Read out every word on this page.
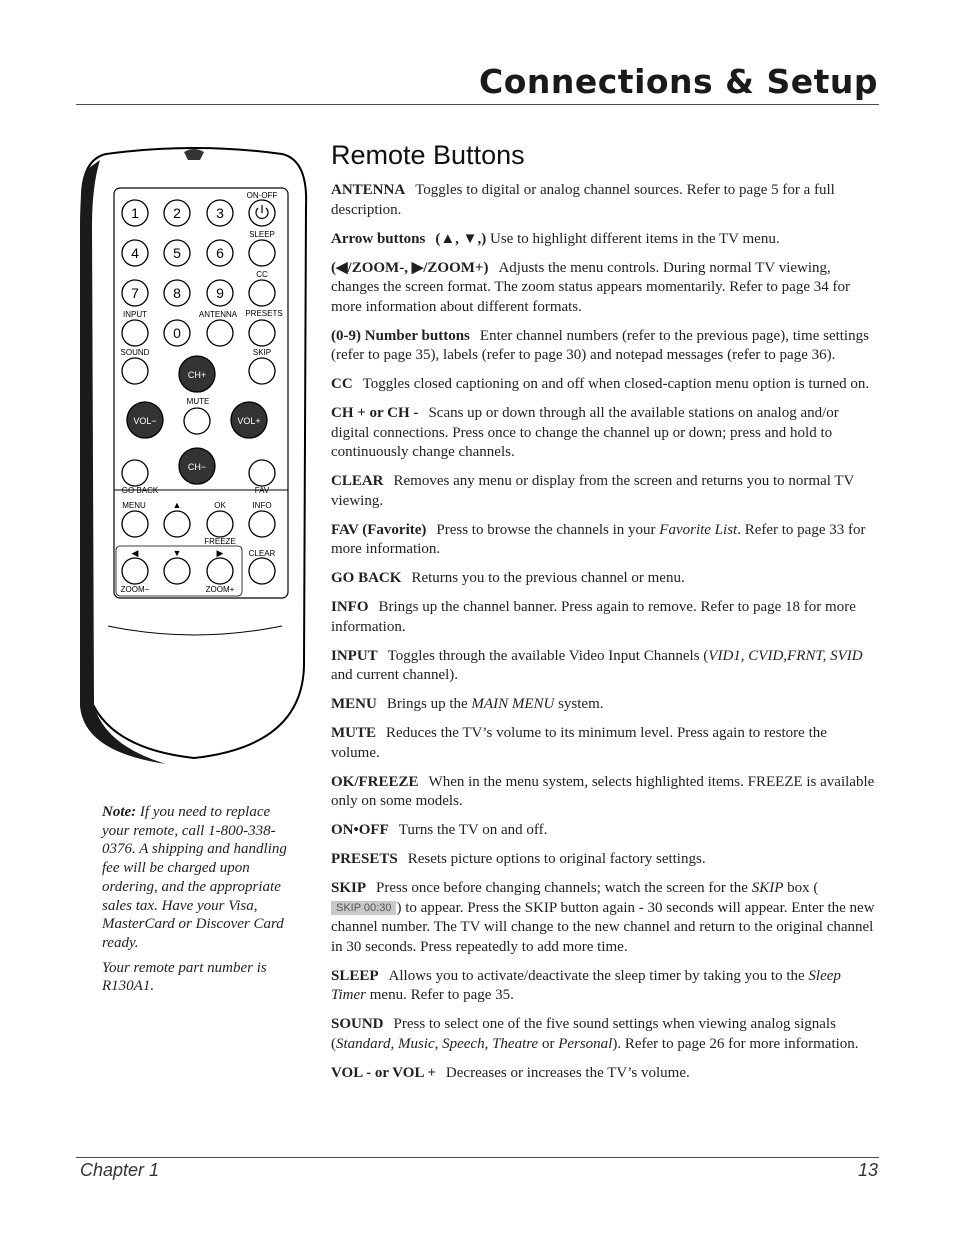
Connections & Setup
1 2	3
4 5	6
7 8	9
ON·OFF
SLEEP
CC
INPUT
0
ANTENNA PRESETS
SOUND	SKIP
CH+
CH−
VOL−	VOL+
MUTE
GO BACK	FAV
MENU	▲	OK
FREEZE
INFO
◀	▼	▶	CLEAR
ZOOM−	ZOOM+
Remote Buttons

ANTENNA Toggles to digital or analog channel sources. Refer to page 5 for a full description.

Arrow buttons (▲, ▼,) Use to highlight different items in the TV menu.

(◀/ZOOM-, ▶/ZOOM+) Adjusts the menu controls. During normal TV viewing, changes the screen format. The zoom status appears momentarily. Refer to page 34 for more information about different formats.

(0-9) Number buttons Enter channel numbers (refer to the previous page), time settings (refer to page 35), labels (refer to page 30) and notepad messages (refer to page 36).

CC Toggles closed captioning on and off when closed-caption menu option is turned on.

CH + or CH - Scans up or down through all the available stations on analog and/or digital connections. Press once to change the channel up or down; press and hold to continuously change channels.

CLEAR Removes any menu or display from the screen and returns you to normal TV viewing.

FAV (Favorite) Press to browse the channels in your Favorite List. Refer to page 33 for more information.

GO BACK Returns you to the previous channel or menu.

INFO Brings up the channel banner. Press again to remove. Refer to page 18 for more information.

INPUT Toggles through the available Video Input Channels (VID1, CVID,FRNT, SVID and current channel).

MENU Brings up the MAIN MENU system.

MUTE Reduces the TV’s volume to its minimum level. Press again to restore the volume.

OK/FREEZE When in the menu system, selects highlighted items. FREEZE is available only on some models.

ON•OFF Turns the TV on and off.

PRESETS Resets picture options to original factory settings.

SKIP Press once before changing channels; watch the screen for the SKIP box (SKIP 00:30 ) to appear. Press the SKIP button again - 30 seconds will appear. Enter the new channel number. The TV will change to the new channel and return to the original channel in 30 seconds. Press repeatedly to add more time.

SLEEP Allows you to activate/deactivate the sleep timer by taking you to the Sleep Timer menu. Refer to page 35.

SOUND Press to select one of the five sound settings when viewing analog signals (Standard, Music, Speech, Theatre or Personal). Refer to page 26 for more information.

VOL - or VOL + Decreases or increases the TV’s volume.

Note: If you need to replace your remote, call 1-800-338-0376. A shipping and handling fee will be charged upon ordering, and the appropriate sales tax. Have your Visa, MasterCard or Discover Card ready.

Your remote part number is R130A1.

Chapter 1	13
